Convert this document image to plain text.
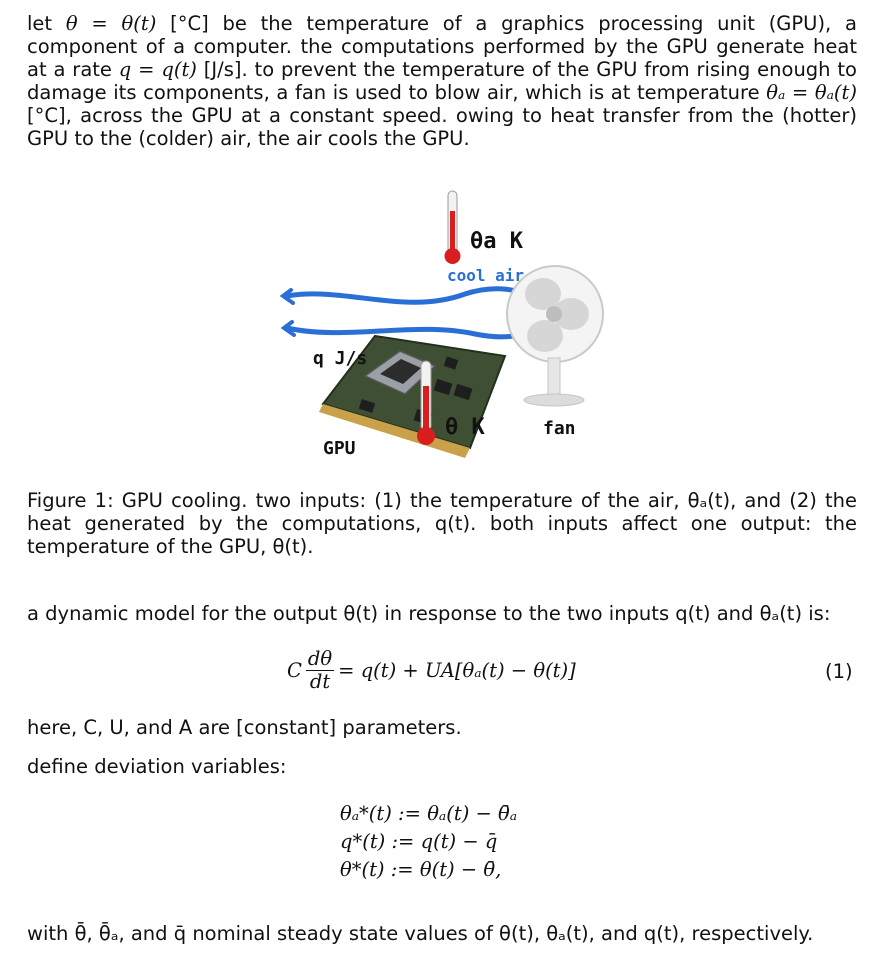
let θ = θ(t) [°C] be the temperature of a graphics processing unit (GPU), a component of a computer. the computations performed by the GPU generate heat at a rate q = q(t) [J/s]. to prevent the temperature of the GPU from rising enough to damage its components, a fan is used to blow air, which is at temperature θₐ = θₐ(t) [°C], across the GPU at a constant speed. owing to heat transfer from the (hotter) GPU to the (colder) air, the air cools the GPU.

θa K
cool air
q J/s
θ K
GPU
fan

Figure 1: GPU cooling. two inputs: (1) the temperature of the air, θₐ(t), and (2) the heat generated by the computations, q(t). both inputs affect one output: the temperature of the GPU, θ(t).

a dynamic model for the output θ(t) in response to the two inputs q(t) and θₐ(t) is:

C $\frac{d\theta}{dt} = q(t) + UA[\theta_a(t) - \theta(t)]$	(1)

here, C, U, and A are [constant] parameters.

define deviation variables:

θₐ*(t) := θₐ(t) − θ̄ₐ
q*(t) := q(t) − q̄
θ*(t) := θ(t) − θ̄,

with θ̄, θ̄ₐ, and q̄ nominal steady state values of θ(t), θₐ(t), and q(t), respectively.
